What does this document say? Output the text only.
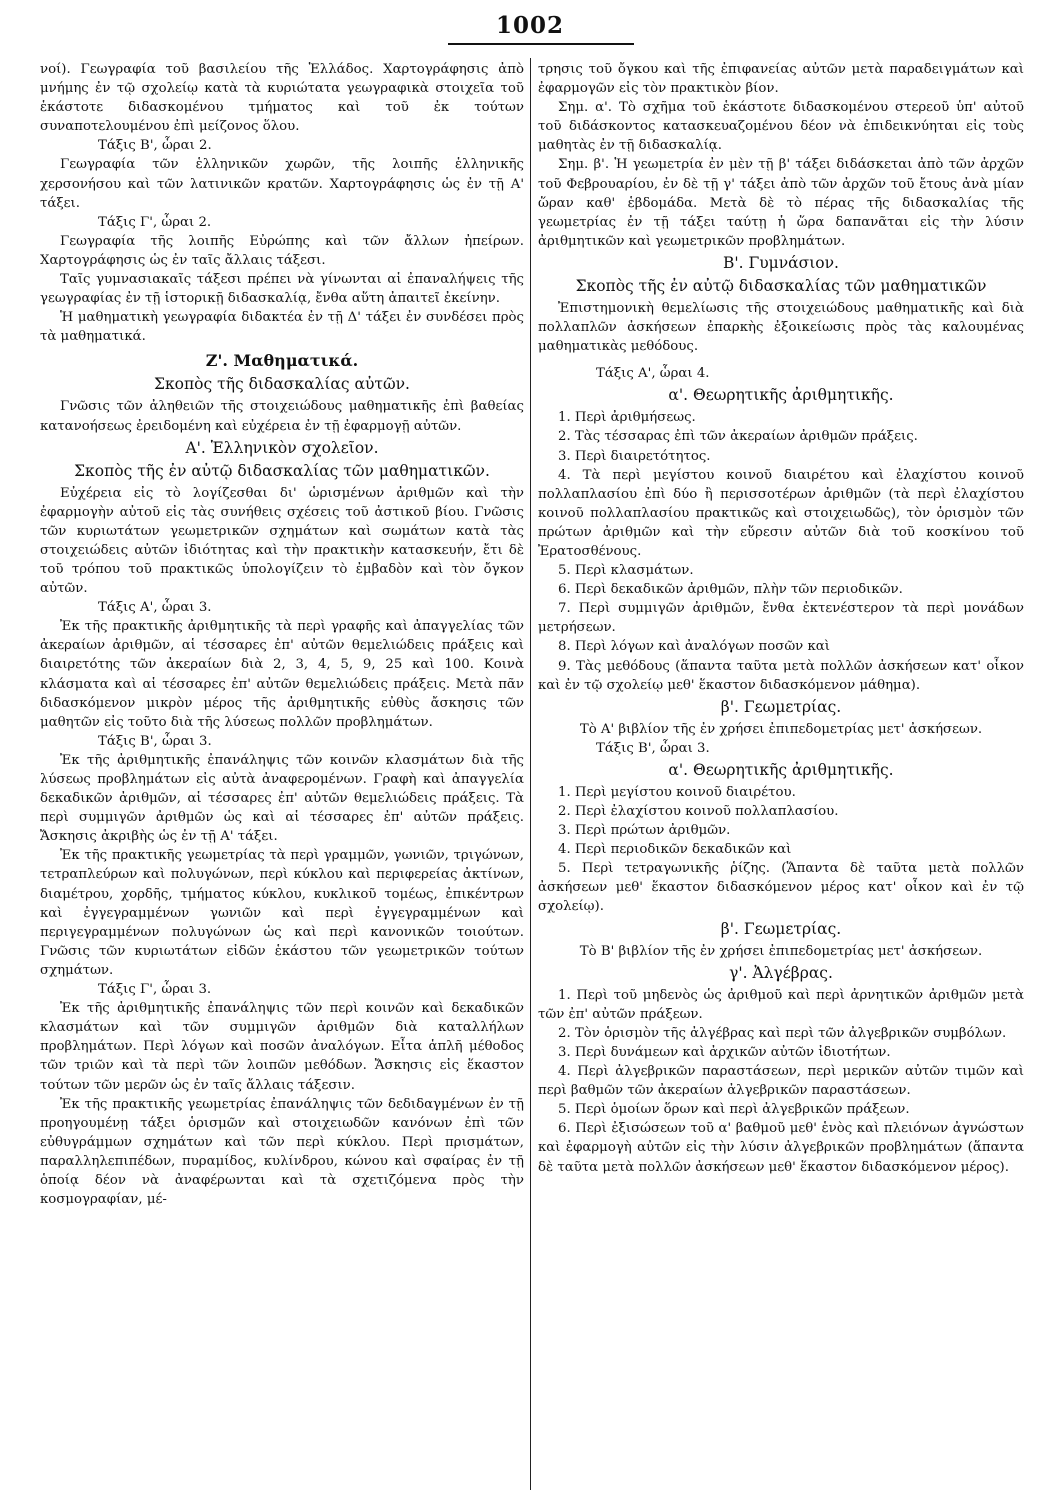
1002

νοί). Γεωγραφία τοῦ βασιλείου τῆς Ἑλλάδος. Χαρτογράφησις ἀπὸ μνήμης ἐν τῷ σχολείῳ κατὰ τὰ κυριώτατα γεωγραφικὰ στοιχεῖα τοῦ ἑκάστοτε διδασκομένου τμήματος καὶ τοῦ ἐκ τούτων συναποτελουμένου ἐπὶ μείζονος ὅλου.

Τάξις Β', ὧραι 2.

Γεωγραφία τῶν ἑλληνικῶν χωρῶν, τῆς λοιπῆς ἑλληνικῆς χερσονήσου καὶ τῶν λατινικῶν κρατῶν. Χαρτογράφησις ὡς ἐν τῇ Α' τάξει.

Τάξις Γ', ὧραι 2.

Γεωγραφία τῆς λοιπῆς Εὐρώπης καὶ τῶν ἄλλων ἠπείρων. Χαρτογράφησις ὡς ἐν ταῖς ἄλλαις τάξεσι.

Ταῖς γυμνασιακαῖς τάξεσι πρέπει νὰ γίνωνται αἱ ἐπαναλήψεις τῆς γεωγραφίας ἐν τῇ ἱστορικῇ διδασκαλίᾳ, ἔνθα αὕτη ἀπαιτεῖ ἐκείνην.

Ἡ μαθηματικὴ γεωγραφία διδακτέα ἐν τῇ Δ' τάξει ἐν συνδέσει πρὸς τὰ μαθηματικά.

Ζ'. Μαθηματικά.

Σκοπὸς τῆς διδασκαλίας αὐτῶν.

Γνῶσις τῶν ἀληθειῶν τῆς στοιχειώδους μαθηματικῆς ἐπὶ βαθείας κατανοήσεως ἐρειδομένη καὶ εὐχέρεια ἐν τῇ ἐφαρμογῇ αὐτῶν.

Α'. Ἑλληνικὸν σχολεῖον.

Σκοπὸς τῆς ἐν αὐτῷ διδασκαλίας τῶν μαθηματικῶν.

Εὐχέρεια εἰς τὸ λογίζεσθαι δι' ὡρισμένων ἀριθμῶν καὶ τὴν ἐφαρμογὴν αὐτοῦ εἰς τὰς συνήθεις σχέσεις τοῦ ἀστικοῦ βίου. Γνῶσις τῶν κυριωτάτων γεωμετρικῶν σχημάτων καὶ σωμάτων κατὰ τὰς στοιχειώδεις αὐτῶν ἰδιότητας καὶ τὴν πρακτικὴν κατασκευήν, ἔτι δὲ τοῦ τρόπου τοῦ πρακτικῶς ὑπολογίζειν τὸ ἐμβαδὸν καὶ τὸν ὄγκον αὐτῶν.

Τάξις Α', ὧραι 3.

Ἐκ τῆς πρακτικῆς ἀριθμητικῆς τὰ περὶ γραφῆς καὶ ἀπαγγελίας τῶν ἀκεραίων ἀριθμῶν, αἱ τέσσαρες ἐπ' αὐτῶν θεμελιώδεις πράξεις καὶ διαιρετότης τῶν ἀκεραίων διὰ 2, 3, 4, 5, 9, 25 καὶ 100. Κοινὰ κλάσματα καὶ αἱ τέσσαρες ἐπ' αὐτῶν θεμελιώδεις πράξεις. Μετὰ πᾶν διδασκόμενον μικρὸν μέρος τῆς ἀριθμητικῆς εὐθὺς ἄσκησις τῶν μαθητῶν εἰς τοῦτο διὰ τῆς λύσεως πολλῶν προβλημάτων.

Τάξις Β', ὧραι 3.

Ἐκ τῆς ἀριθμητικῆς ἐπανάληψις τῶν κοινῶν κλασμάτων διὰ τῆς λύσεως προβλημάτων εἰς αὐτὰ ἀναφερομένων. Γραφὴ καὶ ἀπαγγελία δεκαδικῶν ἀριθμῶν, αἱ τέσσαρες ἐπ' αὐτῶν θεμελιώδεις πράξεις. Τὰ περὶ συμμιγῶν ἀριθμῶν ὡς καὶ αἱ τέσσαρες ἐπ' αὐτῶν πράξεις. Ἄσκησις ἀκριβὴς ὡς ἐν τῇ Α' τάξει.

Ἐκ τῆς πρακτικῆς γεωμετρίας τὰ περὶ γραμμῶν, γωνιῶν, τριγώνων, τετραπλεύρων καὶ πολυγώνων, περὶ κύκλου καὶ περιφερείας ἀκτίνων, διαμέτρου, χορδῆς, τμήματος κύκλου, κυκλικοῦ τομέως, ἐπικέντρων καὶ ἐγγεγραμμένων γωνιῶν καὶ περὶ ἐγγεγραμμένων καὶ περιγεγραμμένων πολυγώνων ὡς καὶ περὶ κανονικῶν τοιούτων. Γνῶσις τῶν κυριωτάτων εἰδῶν ἑκάστου τῶν γεωμετρικῶν τούτων σχημάτων.

Τάξις Γ', ὧραι 3.

Ἐκ τῆς ἀριθμητικῆς ἐπανάληψις τῶν περὶ κοινῶν καὶ δεκαδικῶν κλασμάτων καὶ τῶν συμμιγῶν ἀριθμῶν διὰ καταλλήλων προβλημάτων. Περὶ λόγων καὶ ποσῶν ἀναλόγων. Εἶτα ἁπλῆ μέθοδος τῶν τριῶν καὶ τὰ περὶ τῶν λοιπῶν μεθόδων. Ἄσκησις εἰς ἕκαστον τούτων τῶν μερῶν ὡς ἐν ταῖς ἄλλαις τάξεσιν.

Ἐκ τῆς πρακτικῆς γεωμετρίας ἐπανάληψις τῶν δεδιδαγμένων ἐν τῇ προηγουμένῃ τάξει ὁρισμῶν καὶ στοιχειωδῶν κανόνων ἐπὶ τῶν εὐθυγράμμων σχημάτων καὶ τῶν περὶ κύκλου. Περὶ πρισμάτων, παραλληλεπιπέδων, πυραμίδος, κυλίνδρου, κώνου καὶ σφαίρας ἐν τῇ ὁποίᾳ δέον νὰ ἀναφέρωνται καὶ τὰ σχετιζόμενα πρὸς τὴν κοσμογραφίαν, μέ-

τρησις τοῦ ὄγκου καὶ τῆς ἐπιφανείας αὐτῶν μετὰ παραδειγμάτων καὶ ἐφαρμογῶν εἰς τὸν πρακτικὸν βίον.

Σημ. α'. Τὸ σχῆμα τοῦ ἑκάστοτε διδασκομένου στερεοῦ ὑπ' αὐτοῦ τοῦ διδάσκοντος κατασκευαζομένου δέον νὰ ἐπιδεικνύηται εἰς τοὺς μαθητὰς ἐν τῇ διδασκαλίᾳ.

Σημ. β'. Ἡ γεωμετρία ἐν μὲν τῇ β' τάξει διδάσκεται ἀπὸ τῶν ἀρχῶν τοῦ Φεβρουαρίου, ἐν δὲ τῇ γ' τάξει ἀπὸ τῶν ἀρχῶν τοῦ ἔτους ἀνὰ μίαν ὥραν καθ' ἑβδομάδα. Μετὰ δὲ τὸ πέρας τῆς διδασκαλίας τῆς γεωμετρίας ἐν τῇ τάξει ταύτῃ ἡ ὥρα δαπανᾶται εἰς τὴν λύσιν ἀριθμητικῶν καὶ γεωμετρικῶν προβλημάτων.

Β'. Γυμνάσιον.

Σκοπὸς τῆς ἐν αὐτῷ διδασκαλίας τῶν μαθηματικῶν

Ἐπιστημονικὴ θεμελίωσις τῆς στοιχειώδους μαθηματικῆς καὶ διὰ πολλαπλῶν ἀσκήσεων ἐπαρκὴς ἐξοικείωσις πρὸς τὰς καλουμένας μαθηματικὰς μεθόδους.

Τάξις Α', ὧραι 4.

α'. Θεωρητικῆς ἀριθμητικῆς.

1. Περὶ ἀριθμήσεως.

2. Τὰς τέσσαρας ἐπὶ τῶν ἀκεραίων ἀριθμῶν πράξεις.

3. Περὶ διαιρετότητος.

4. Τὰ περὶ μεγίστου κοινοῦ διαιρέτου καὶ ἐλαχίστου κοινοῦ πολλαπλασίου ἐπὶ δύο ἢ περισσοτέρων ἀριθμῶν (τὰ περὶ ἐλαχίστου κοινοῦ πολλαπλασίου πρακτικῶς καὶ στοιχειωδῶς), τὸν ὁρισμὸν τῶν πρώτων ἀριθμῶν καὶ τὴν εὕρεσιν αὐτῶν διὰ τοῦ κοσκίνου τοῦ Ἐρατοσθένους.

5. Περὶ κλασμάτων.

6. Περὶ δεκαδικῶν ἀριθμῶν, πλὴν τῶν περιοδικῶν.

7. Περὶ συμμιγῶν ἀριθμῶν, ἔνθα ἐκτενέστερον τὰ περὶ μονάδων μετρήσεων.

8. Περὶ λόγων καὶ ἀναλόγων ποσῶν καὶ

9. Τὰς μεθόδους (ἅπαντα ταῦτα μετὰ πολλῶν ἀσκήσεων κατ' οἶκον καὶ ἐν τῷ σχολείῳ μεθ' ἕκαστον διδασκόμενον μάθημα).

β'. Γεωμετρίας.

Τὸ Α' βιβλίον τῆς ἐν χρήσει ἐπιπεδομετρίας μετ' ἀσκήσεων.

Τάξις Β', ὧραι 3.

α'. Θεωρητικῆς ἀριθμητικῆς.

1. Περὶ μεγίστου κοινοῦ διαιρέτου.

2. Περὶ ἐλαχίστου κοινοῦ πολλαπλασίου.

3. Περὶ πρώτων ἀριθμῶν.

4. Περὶ περιοδικῶν δεκαδικῶν καὶ

5. Περὶ τετραγωνικῆς ῥίζης. (Ἅπαντα δὲ ταῦτα μετὰ πολλῶν ἀσκήσεων μεθ' ἕκαστον διδασκόμενον μέρος κατ' οἶκον καὶ ἐν τῷ σχολείῳ).

β'. Γεωμετρίας.

Τὸ Β' βιβλίον τῆς ἐν χρήσει ἐπιπεδομετρίας μετ' ἀσκήσεων.

γ'. Ἀλγέβρας.

1. Περὶ τοῦ μηδενὸς ὡς ἀριθμοῦ καὶ περὶ ἀρνητικῶν ἀριθμῶν μετὰ τῶν ἐπ' αὐτῶν πράξεων.

2. Τὸν ὁρισμὸν τῆς ἀλγέβρας καὶ περὶ τῶν ἀλγεβρικῶν συμβόλων.

3. Περὶ δυνάμεων καὶ ἀρχικῶν αὐτῶν ἰδιοτήτων.

4. Περὶ ἀλγεβρικῶν παραστάσεων, περὶ μερικῶν αὐτῶν τιμῶν καὶ περὶ βαθμῶν τῶν ἀκεραίων ἀλγεβρικῶν παραστάσεων.

5. Περὶ ὁμοίων ὅρων καὶ περὶ ἀλγεβρικῶν πράξεων.

6. Περὶ ἐξισώσεων τοῦ α' βαθμοῦ μεθ' ἑνὸς καὶ πλειόνων ἀγνώστων καὶ ἐφαρμογὴ αὐτῶν εἰς τὴν λύσιν ἀλγεβρικῶν προβλημάτων (ἅπαντα δὲ ταῦτα μετὰ πολλῶν ἀσκήσεων μεθ' ἕκαστον διδασκόμενον μέρος).
